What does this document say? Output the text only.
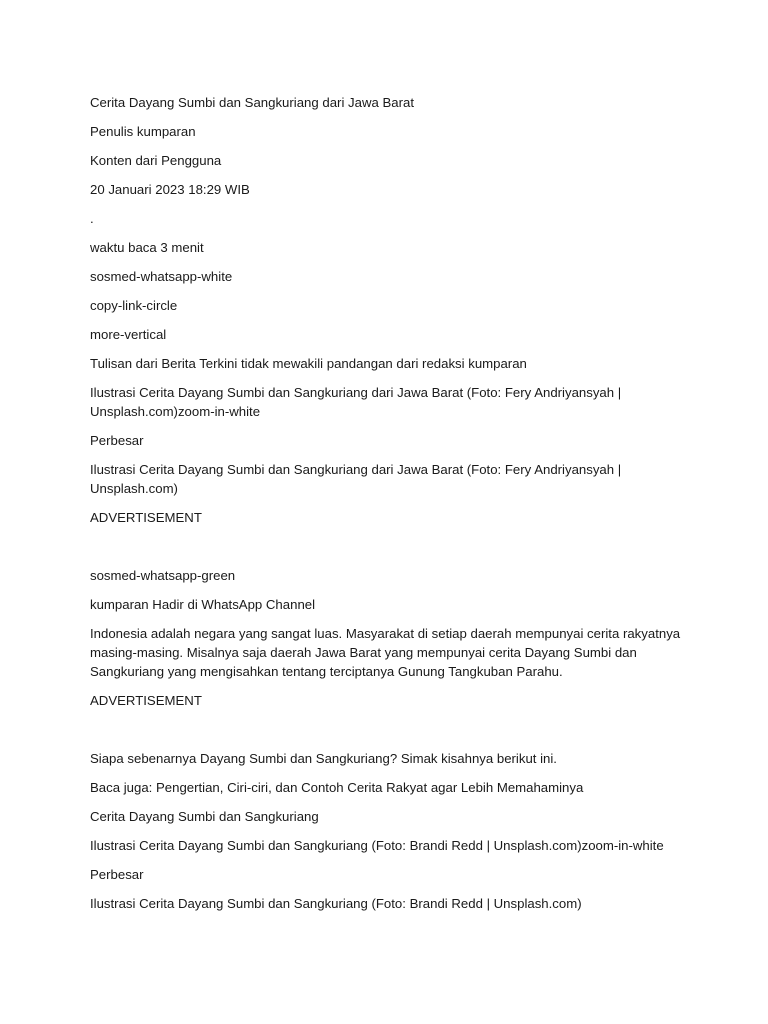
Cerita Dayang Sumbi dan Sangkuriang dari Jawa Barat
Penulis kumparan
Konten dari Pengguna
20 Januari 2023 18:29 WIB
.
waktu baca 3 menit
sosmed-whatsapp-white
copy-link-circle
more-vertical
Tulisan dari Berita Terkini tidak mewakili pandangan dari redaksi kumparan
Ilustrasi Cerita Dayang Sumbi dan Sangkuriang dari Jawa Barat (Foto: Fery Andriyansyah | Unsplash.com)zoom-in-white
Perbesar
Ilustrasi Cerita Dayang Sumbi dan Sangkuriang dari Jawa Barat (Foto: Fery Andriyansyah | Unsplash.com)
ADVERTISEMENT
sosmed-whatsapp-green
kumparan Hadir di WhatsApp Channel
Indonesia adalah negara yang sangat luas. Masyarakat di setiap daerah mempunyai cerita rakyatnya masing-masing. Misalnya saja daerah Jawa Barat yang mempunyai cerita Dayang Sumbi dan Sangkuriang yang mengisahkan tentang terciptanya Gunung Tangkuban Parahu.
ADVERTISEMENT
Siapa sebenarnya Dayang Sumbi dan Sangkuriang? Simak kisahnya berikut ini.
Baca juga: Pengertian, Ciri-ciri, dan Contoh Cerita Rakyat agar Lebih Memahaminya
Cerita Dayang Sumbi dan Sangkuriang
Ilustrasi Cerita Dayang Sumbi dan Sangkuriang (Foto: Brandi Redd | Unsplash.com)zoom-in-white
Perbesar
Ilustrasi Cerita Dayang Sumbi dan Sangkuriang (Foto: Brandi Redd | Unsplash.com)
